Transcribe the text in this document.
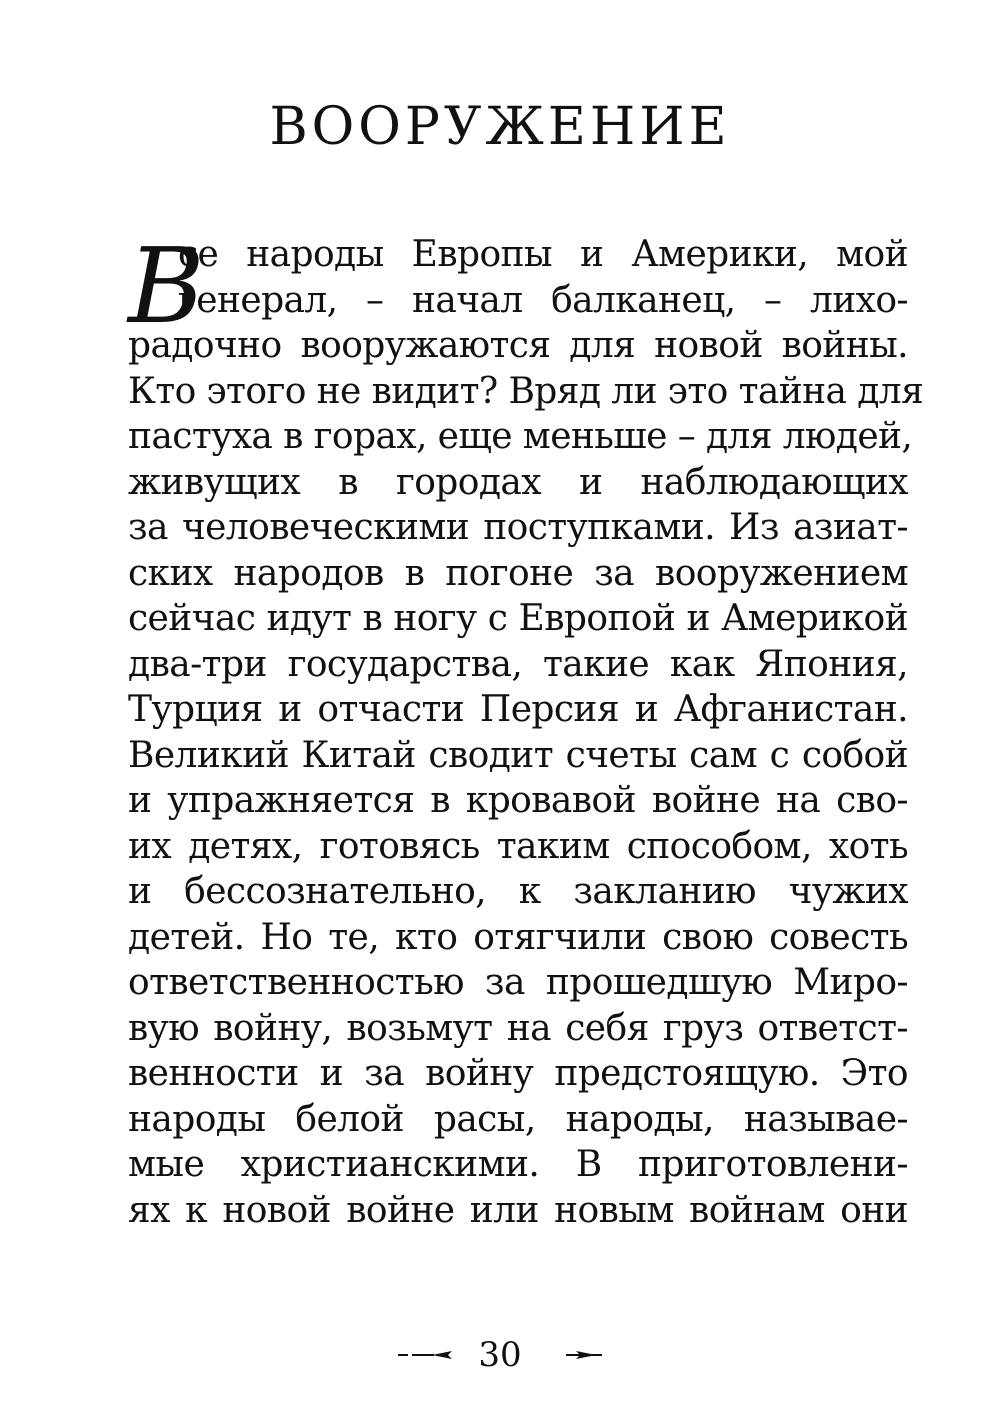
ВООРУЖЕНИЕ
В
се народы Европы и Америки, мой
генерал, – начал балканец, – лихо-
радочно вооружаются для новой войны.
Кто этого не видит? Вряд ли это тайна для
пастуха в горах, еще меньше – для людей,
живущих в городах и наблюдающих
за человеческими поступками. Из азиат-
ских народов в погоне за вооружением
сейчас идут в ногу с Европой и Америкой
два-три государства, такие как Япония,
Турция и отчасти Персия и Афганистан.
Великий Китай сводит счеты сам с собой
и упражняется в кровавой войне на сво-
их детях, готовясь таким способом, хоть
и бессознательно, к закланию чужих
детей. Но те, кто отягчили свою совесть
ответственностью за прошедшую Миро-
вую войну, возьмут на себя груз ответст-
венности и за войну предстоящую. Это
народы белой расы, народы, называе-
мые христианскими. В приготовлени-
ях к новой войне или новым войнам они
30
